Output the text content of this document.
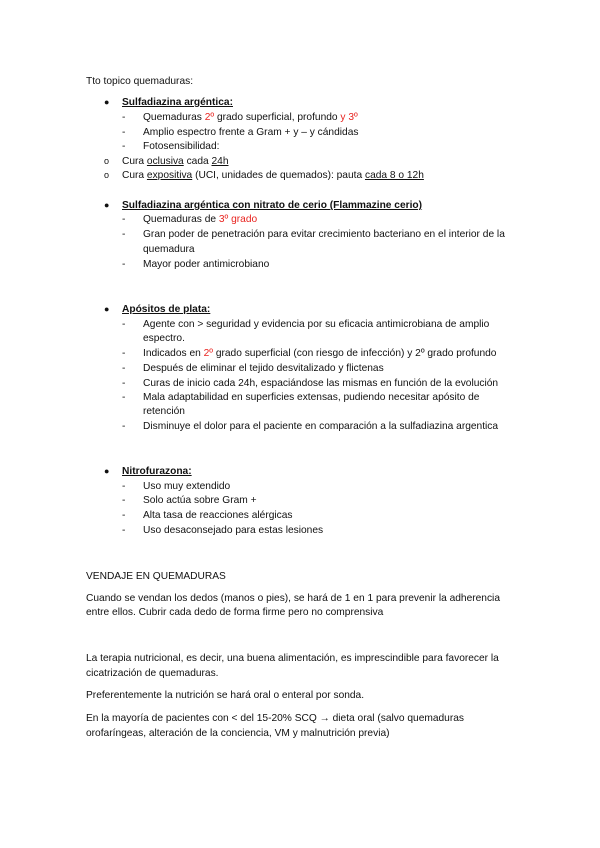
Tto topico quemaduras:
● Sulfadiazina argéntica:
- Quemaduras 2º grado superficial, profundo y 3º
- Amplio espectro frente a Gram + y – y cándidas
- Fotosensibilidad:
o Cura oclusiva cada 24h
o Cura expositiva (UCI, unidades de quemados): pauta cada 8 o 12h
● Sulfadiazina argéntica con nitrato de cerio (Flammazine cerio)
- Quemaduras de 3º grado
- Gran poder de penetración para evitar crecimiento bacteriano en el interior de la
quemadura
- Mayor poder antimicrobiano
● Apósitos de plata:
- Agente con > seguridad y evidencia por su eficacia antimicrobiana de amplio
espectro.
- Indicados en 2º grado superficial (con riesgo de infección) y 2º grado profundo
- Después de eliminar el tejido desvitalizado y flictenas
- Curas de inicio cada 24h, espaciándose las mismas en función de la evolución
- Mala adaptabilidad en superficies extensas, pudiendo necesitar apósito de
retención
- Disminuye el dolor para el paciente en comparación a la sulfadiazina argentica
● Nitrofurazona:
- Uso muy extendido
- Solo actúa sobre Gram +
- Alta tasa de reacciones alérgicas
- Uso desaconsejado para estas lesiones
VENDAJE EN QUEMADURAS
Cuando se vendan los dedos (manos o pies), se hará de 1 en 1 para prevenir la adherencia
entre ellos. Cubrir cada dedo de forma firme pero no comprensiva
La terapia nutricional, es decir, una buena alimentación, es imprescindible para favorecer la
cicatrización de quemaduras.
Preferentemente la nutrición se hará oral o enteral por sonda.
En la mayoría de pacientes con < del 15-20% SCQ → dieta oral (salvo quemaduras
orofaríngeas, alteración de la conciencia, VM y malnutrición previa)
